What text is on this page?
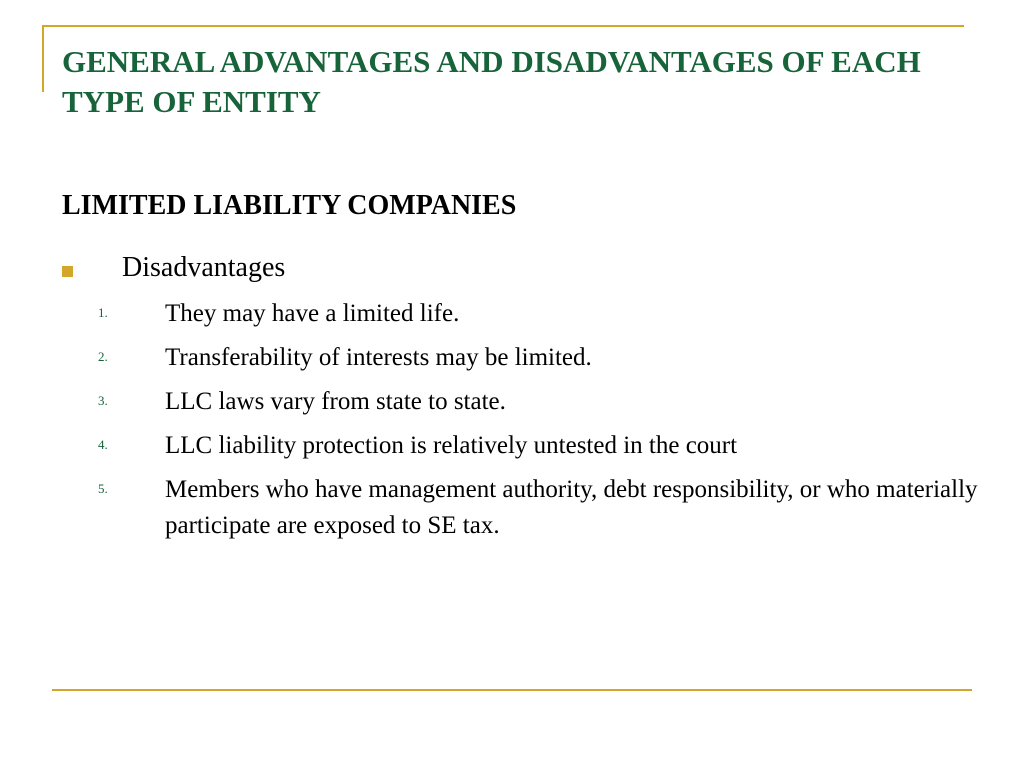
GENERAL ADVANTAGES AND DISADVANTAGES OF EACH TYPE OF ENTITY
LIMITED LIABILITY COMPANIES
Disadvantages
1. They may have a limited life.
2. Transferability of interests may be limited.
3. LLC laws vary from state to state.
4. LLC liability protection is relatively untested in the court
5. Members who have management authority, debt responsibility, or who materially participate are exposed to SE tax.
